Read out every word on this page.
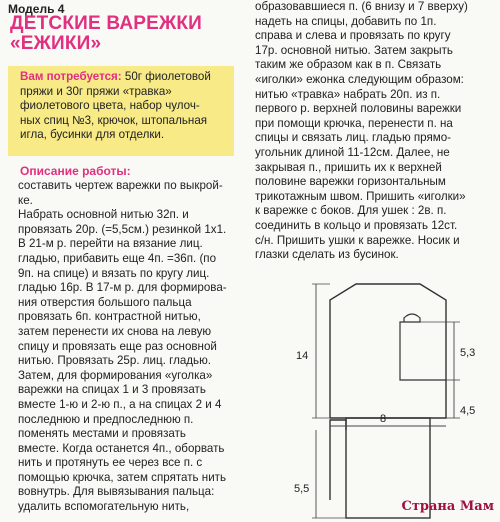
Модель 4
ДЕТСКИЕ ВАРЕЖКИ
«ЕЖИКИ»
Вам потребуется: 50г фиолетовой
пряжи и 30г пряжи «травка»
фиолетового цвета, набор чулоч-
ных спиц №3, крючок, штопальная
игла, бусинки для отделки.
Описание работы:
составить чертеж варежки по выкрой-
ке.
Набрать основной нитью 32п. и
провязать 20р. (=5,5см.) резинкой 1х1.
В 21-м р. перейти на вязание лиц.
гладью, прибавить еще 4п. =36п. (по
9п. на спице) и вязать по кругу лиц.
гладью 16р. В 17-м р. для формирова-
ния отверстия большого пальца
провязать 6п. контрастной нитью,
затем перенести их снова на левую
спицу и провязать еще раз основной
нитью. Провязать 25р. лиц. гладью.
Затем, для формирования «уголка»
варежки на спицах 1 и 3 провязать
вместе 1-ю и 2-ю п., а на спицах 2 и 4
последнюю и предпоследнюю п.
поменять местами и провязать
вместе. Когда останется 4п., оборвать
нить и протянуть ее через все п. с
помощью крючка, затем спрятать нить
вовнутрь. Для вывязывания пальца:
удалить вспомогательную нить,
образовавшиеся п. (6 внизу и 7 вверху)
надеть на спицы, добавить по 1п.
справа и слева и провязать по кругу
17р. основной нитью. Затем закрыть
таким же образом как в п. Связать
«иголки» ежонка следующим образом:
нитью «травка» набрать 20п. из п.
первого р. верхней половины варежки
при помощи крючка, перенести п. на
спицы и связать лиц. гладью прямо-
угольник длиной 11-12см. Далее, не
закрывая п., пришить их к верхней
половине варежки горизонтальным
трикотажным швом. Пришить «иголки»
к варежке с боков. Для ушек : 2в. п.
соединить в кольцо и провязать 12ст.
с/н. Пришить ушки к варежке. Носик и
глазки сделать из бусинок.
14	5,3
4,5
8
5,5
Страна Мам
